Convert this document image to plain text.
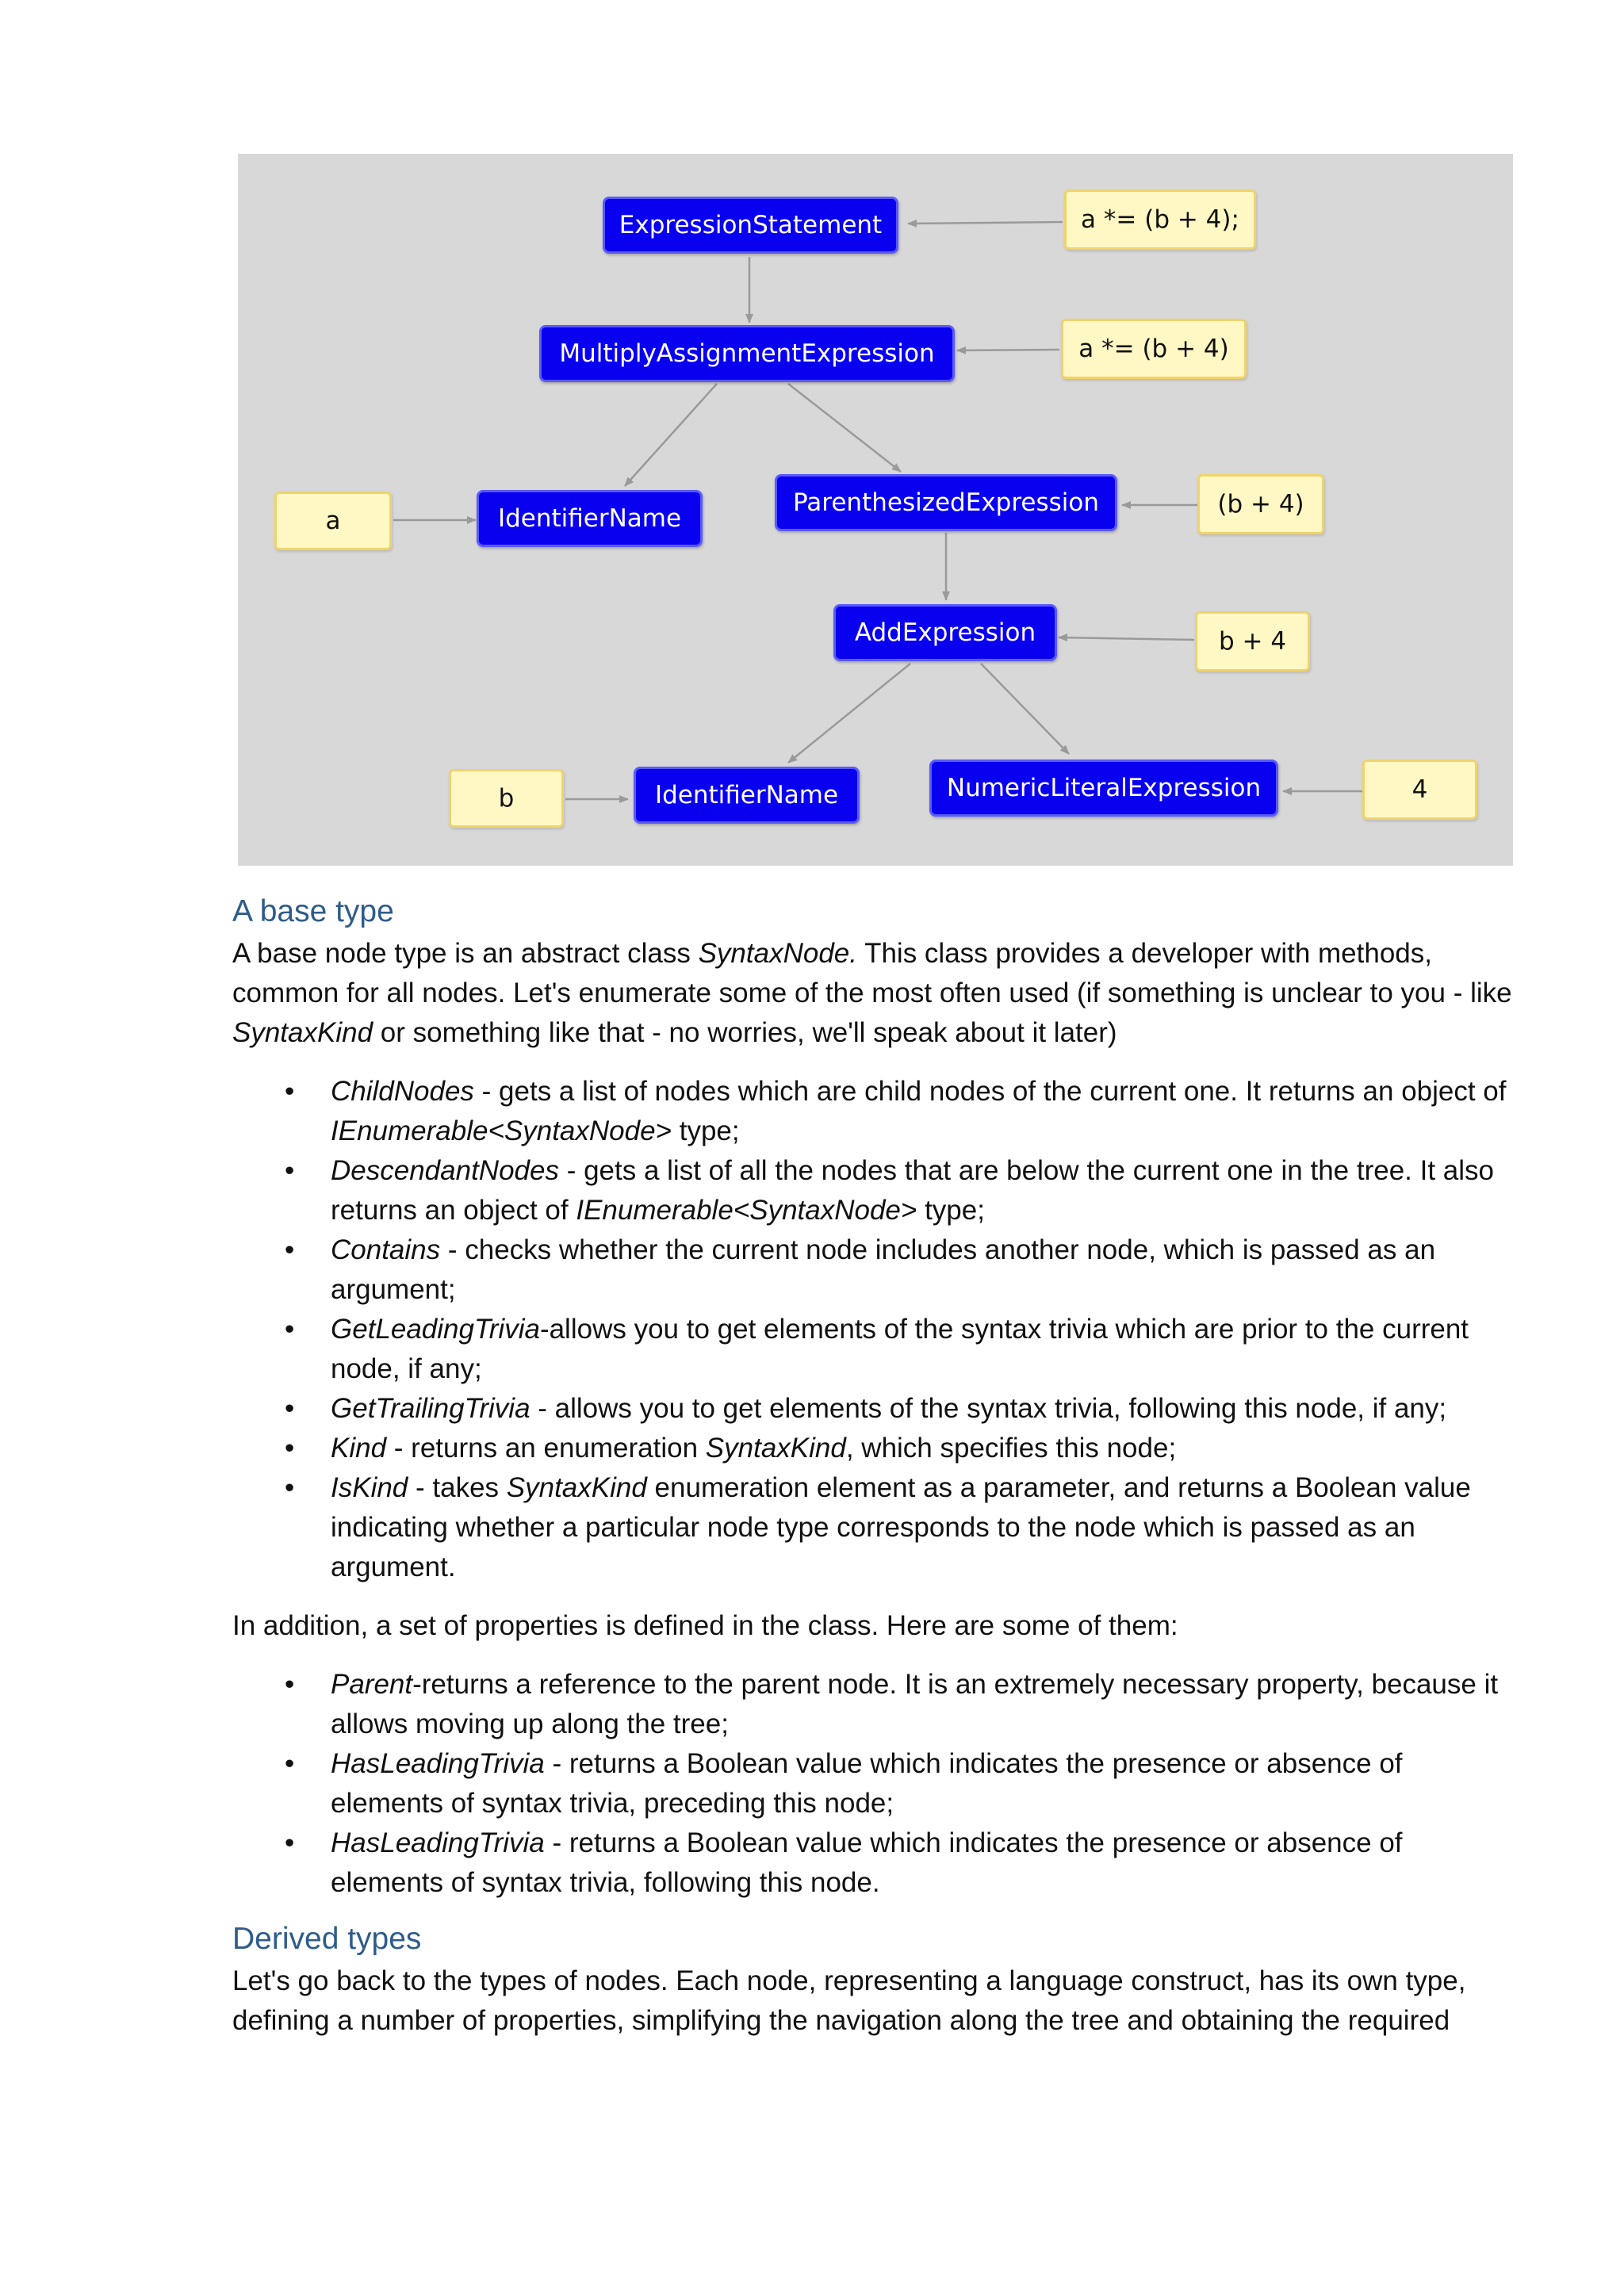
ExpressionStatement	a *= (b + 4);
MultiplyAssignmentExpression	a *= (b + 4)
a	IdentifierName
ParenthesizedExpression	(b + 4)
AddExpression	b + 4
b	IdentifierName	NumericLiteralExpression	4
A base type

A base node type is an abstract class SyntaxNode. This class provides a developer with methods, common for all nodes. Let's enumerate some of the most often used (if something is unclear to you - like SyntaxKind or something like that - no worries, we'll speak about it later)

• ChildNodes - gets a list of nodes which are child nodes of the current one. It returns an object of IEnumerable<SyntaxNode> type;
• DescendantNodes - gets a list of all the nodes that are below the current one in the tree. It also returns an object of IEnumerable<SyntaxNode> type;
• Contains - checks whether the current node includes another node, which is passed as an argument;
• GetLeadingTrivia-allows you to get elements of the syntax trivia which are prior to the current node, if any;
• GetTrailingTrivia - allows you to get elements of the syntax trivia, following this node, if any;
• Kind - returns an enumeration SyntaxKind, which specifies this node;
• IsKind - takes SyntaxKind enumeration element as a parameter, and returns a Boolean value indicating whether a particular node type corresponds to the node which is passed as an argument.

In addition, a set of properties is defined in the class. Here are some of them:

• Parent-returns a reference to the parent node. It is an extremely necessary property, because it allows moving up along the tree;
• HasLeadingTrivia - returns a Boolean value which indicates the presence or absence of elements of syntax trivia, preceding this node;
• HasLeadingTrivia - returns a Boolean value which indicates the presence or absence of elements of syntax trivia, following this node.
Derived types

Let's go back to the types of nodes. Each node, representing a language construct, has its own type, defining a number of properties, simplifying the navigation along the tree and obtaining the required
